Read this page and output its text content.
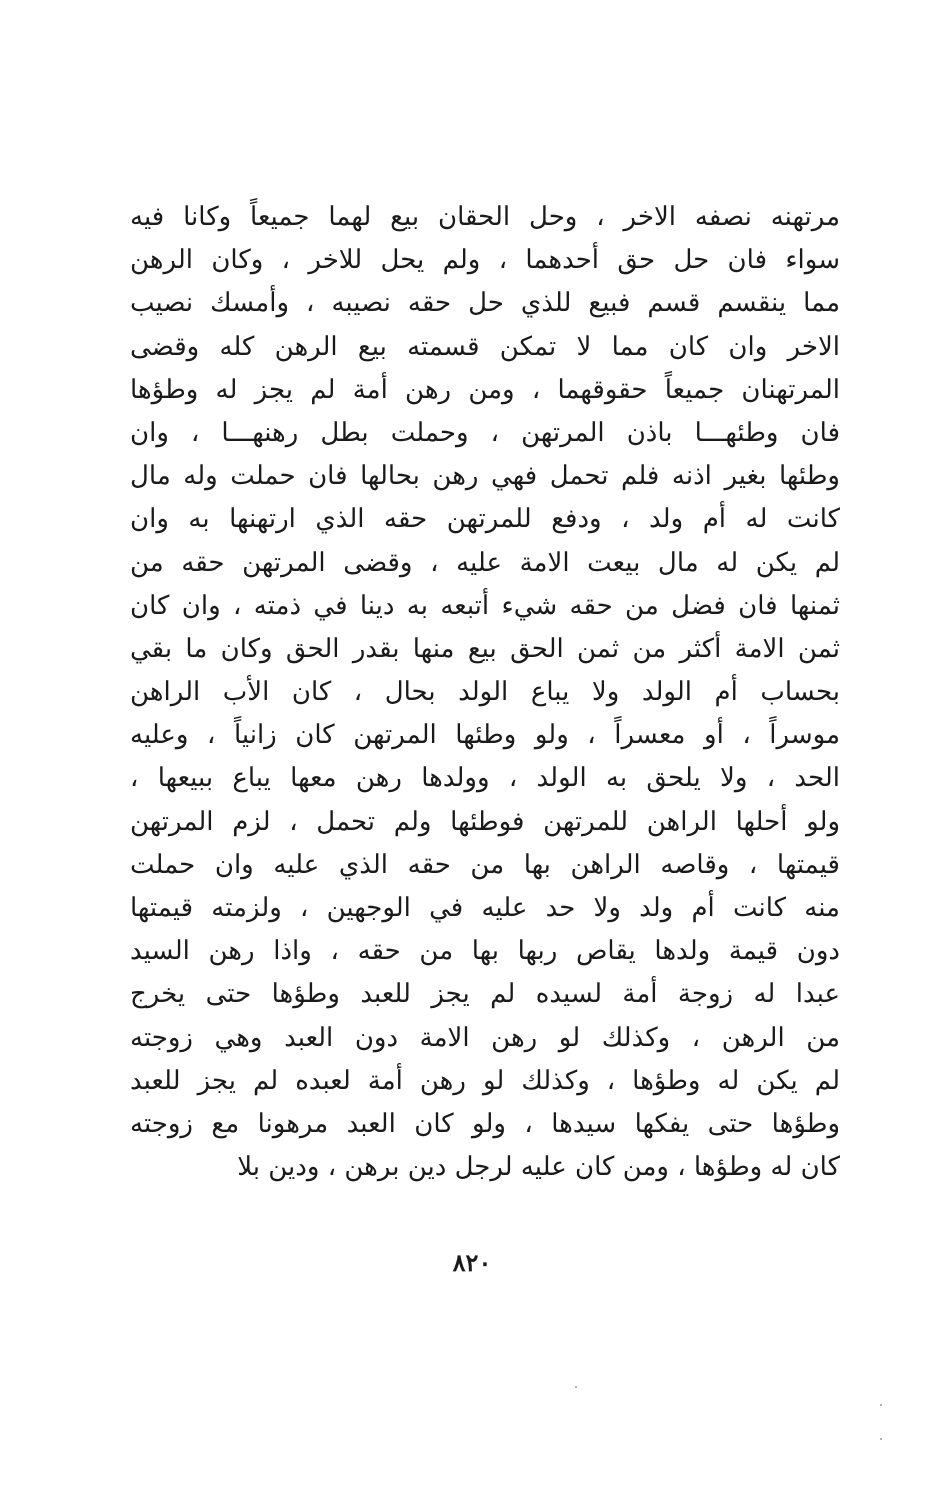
مرتهنه نصفه الاخر ، وحل الحقان بيع لهما جميعاً وكانا فيه
سواء فان حل حق أحدهما ، ولم يحل للاخر ، وكان الرهن
مما ينقسم قسم فبيع للذي حل حقه نصيبه ، وأمسك نصيب
الاخر وان كان مما لا تمكن قسمته بيع الرهن كله وقضى
المرتهنان جميعاً حقوقهما ، ومن رهن أمة لم يجز له وطؤها
فان وطئهـــا باذن المرتهن ، وحملت بطل رهنهـــا ، وان
وطئها بغير اذنه فلم تحمل فهي رهن بحالها فان حملت وله مال
كانت له أم ولد ، ودفع للمرتهن حقه الذي ارتهنها به وان
لم يكن له مال بيعت الامة عليه ، وقضى المرتهن حقه من
ثمنها فان فضل من حقه شيء أتبعه به دينا في ذمته ، وان كان
ثمن الامة أكثر من ثمن الحق بيع منها بقدر الحق وكان ما بقي
بحساب أم الولد ولا يباع الولد بحال ، كان الأب الراهن
موسراً ، أو معسراً ، ولو وطئها المرتهن كان زانياً ، وعليه
الحد ، ولا يلحق به الولد ، وولدها رهن معها يباع ببيعها ،
ولو أحلها الراهن للمرتهن فوطئها ولم تحمل ، لزم المرتهن
قيمتها ، وقاصه الراهن بها من حقه الذي عليه وان حملت
منه كانت أم ولد ولا حد عليه في الوجهين ، ولزمته قيمتها
دون قيمة ولدها يقاص ربها بها من حقه ، واذا رهن السيد
عبدا له زوجة أمة لسيده لم يجز للعبد وطؤها حتى يخرج
من الرهن ، وكذلك لو رهن الامة دون العبد وهي زوجته
لم يكن له وطؤها ، وكذلك لو رهن أمة لعبده لم يجز للعبد
وطؤها حتى يفكها سيدها ، ولو كان العبد مرهونا مع زوجته
كان له وطؤها ، ومن كان عليه لرجل دين برهن ، ودين بلا
٨٢٠
